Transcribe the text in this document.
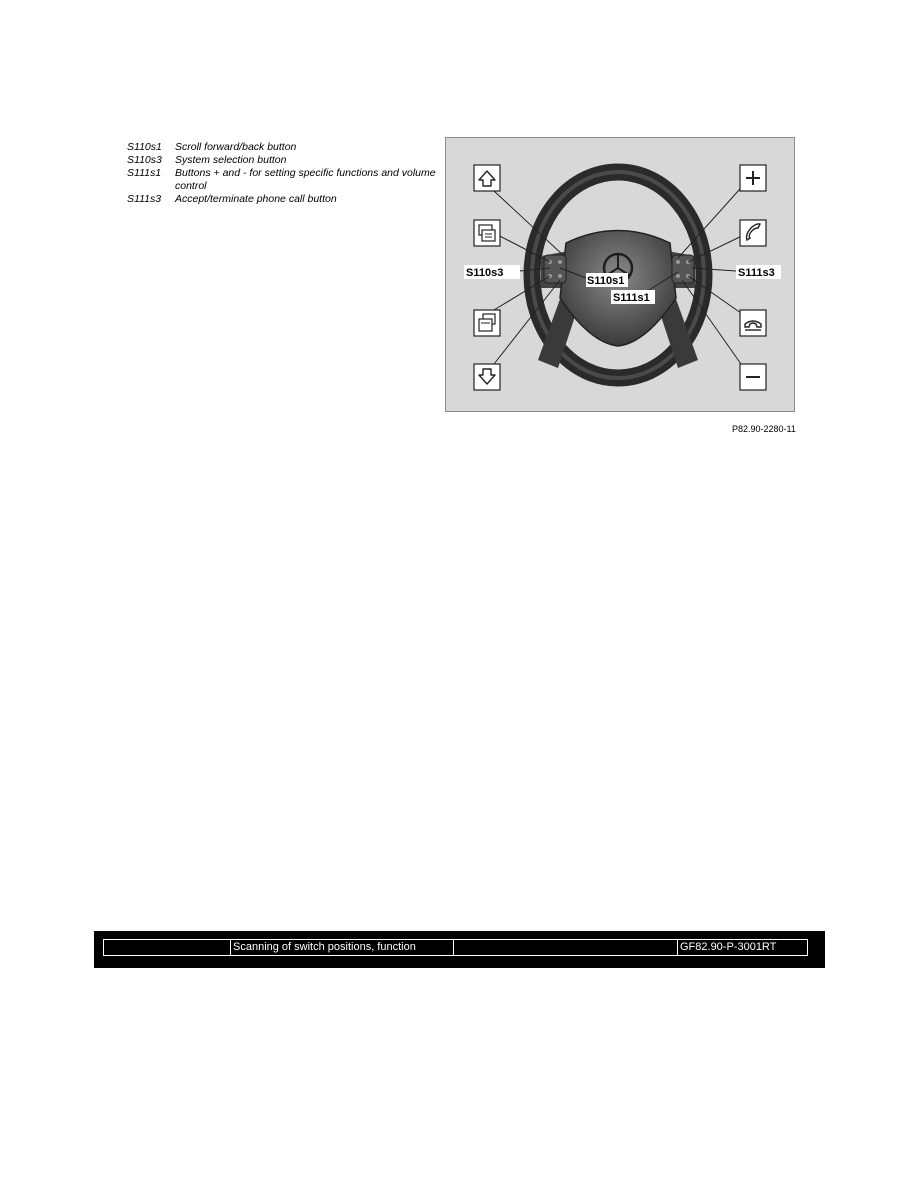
S110s1	Scroll forward/back button
S110s3	System selection button
S111s1	Buttons + and - for setting specific functions and volume control
S111s3	Accept/terminate phone call button
S110s3
S110s1
S111s1
S111s3
P82.90-2280-11
Scanning of switch positions, function	GF82.90-P-3001RT
